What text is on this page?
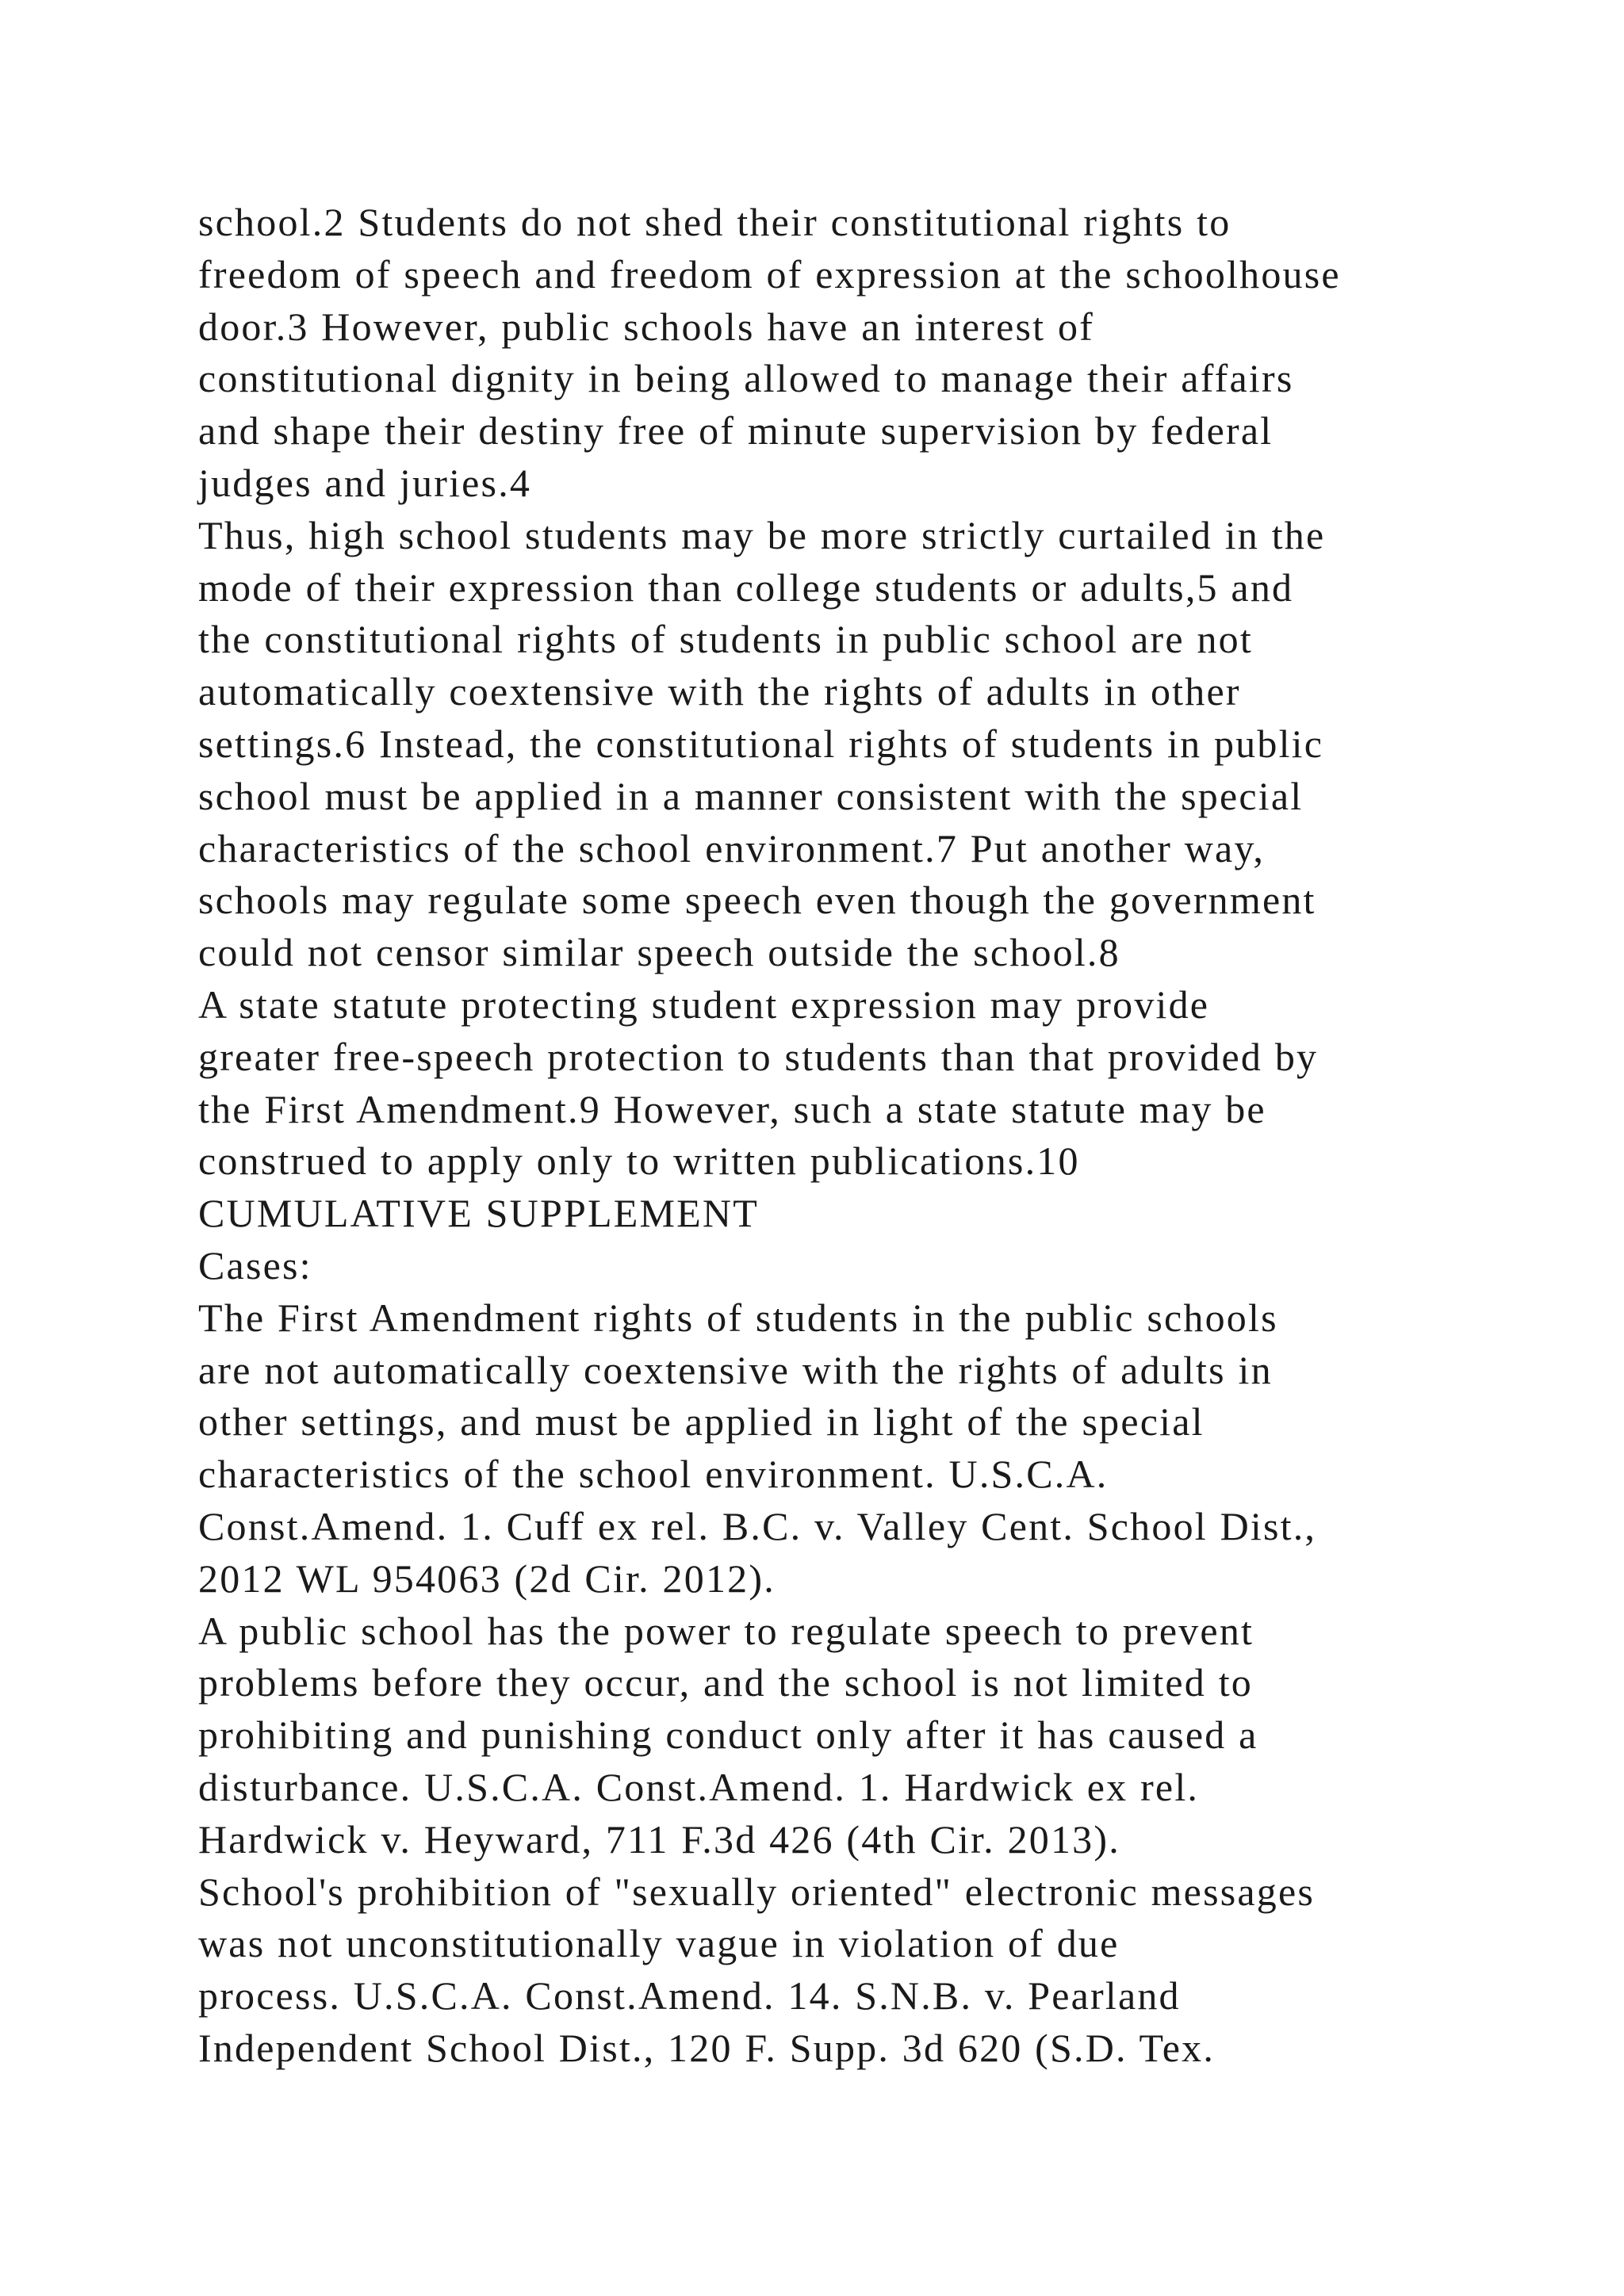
school.2 Students do not shed their constitutional rights to
freedom of speech and freedom of expression at the schoolhouse
door.3 However, public schools have an interest of
constitutional dignity in being allowed to manage their affairs
and shape their destiny free of minute supervision by federal
judges and juries.4
Thus, high school students may be more strictly curtailed in the
mode of their expression than college students or adults,5 and
the constitutional rights of students in public school are not
automatically coextensive with the rights of adults in other
settings.6 Instead, the constitutional rights of students in public
school must be applied in a manner consistent with the special
characteristics of the school environment.7 Put another way,
schools may regulate some speech even though the government
could not censor similar speech outside the school.8
A state statute protecting student expression may provide
greater free-speech protection to students than that provided by
the First Amendment.9 However, such a state statute may be
construed to apply only to written publications.10
CUMULATIVE SUPPLEMENT
Cases:
The First Amendment rights of students in the public schools
are not automatically coextensive with the rights of adults in
other settings, and must be applied in light of the special
characteristics of the school environment. U.S.C.A.
Const.Amend. 1. Cuff ex rel. B.C. v. Valley Cent. School Dist.,
2012 WL 954063 (2d Cir. 2012).
A public school has the power to regulate speech to prevent
problems before they occur, and the school is not limited to
prohibiting and punishing conduct only after it has caused a
disturbance. U.S.C.A. Const.Amend. 1. Hardwick ex rel.
Hardwick v. Heyward, 711 F.3d 426 (4th Cir. 2013).
School's prohibition of "sexually oriented" electronic messages
was not unconstitutionally vague in violation of due
process. U.S.C.A. Const.Amend. 14. S.N.B. v. Pearland
Independent School Dist., 120 F. Supp. 3d 620 (S.D. Tex.
